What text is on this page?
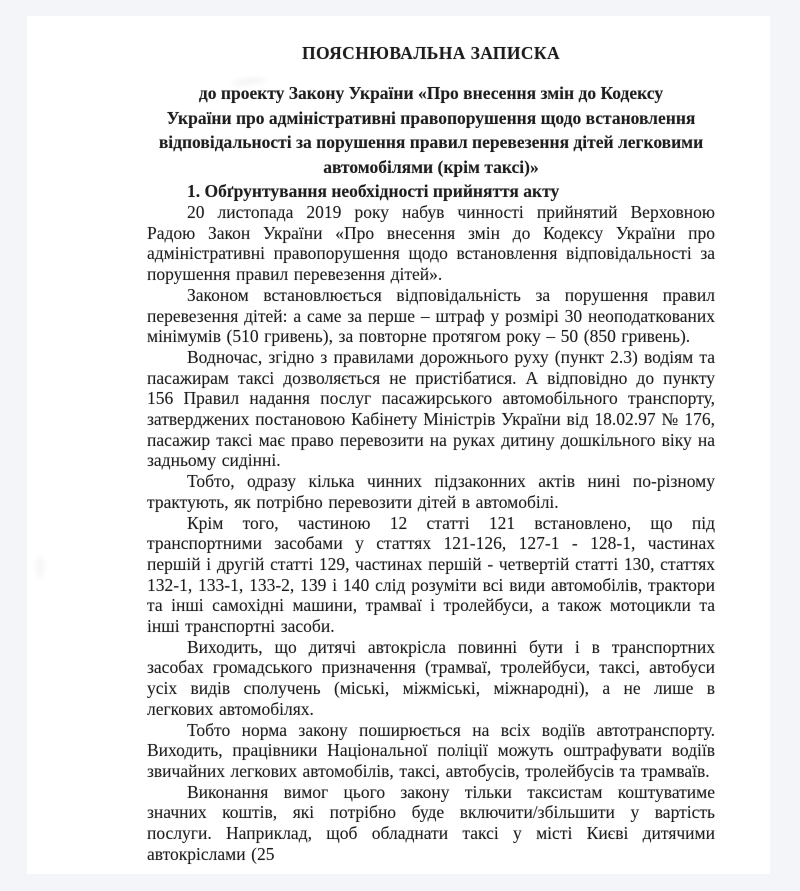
ПОЯСНЮВАЛЬНА ЗАПИСКА
до проекту Закону України «Про внесення змін до Кодексу
України про адміністративні правопорушення щодо встановлення
відповідальності за порушення правил перевезення дітей легковими
автомобілями (крім таксі)»
1. Обґрунтування необхідності прийняття акту

20 листопада 2019 року набув чинності прийнятий Верховною Радою Закон України «Про внесення змін до Кодексу України про адміністративні правопорушення щодо встановлення відповідальності за порушення правил перевезення дітей».

Законом встановлюється відповідальність за порушення правил перевезення дітей: а саме за перше – штраф у розмірі 30 неоподаткованих мінімумів (510 гривень), за повторне протягом року – 50 (850 гривень).

Водночас, згідно з правилами дорожнього руху (пункт 2.3) водіям та пасажирам таксі дозволяється не пристібатися. А відповідно до пункту 156 Правил надання послуг пасажирського автомобільного транспорту, затверджених постановою Кабінету Міністрів України від 18.02.97 № 176, пасажир таксі має право перевозити на руках дитину дошкільного віку на задньому сидінні.

Тобто, одразу кілька чинних підзаконних актів нині по-різному трактують, як потрібно перевозити дітей в автомобілі.

Крім того, частиною 12 статті 121 встановлено, що під транспортними засобами у статтях 121-126, 127-1 - 128-1, частинах першій і другій статті 129, частинах першій - четвертій статті 130, статтях 132-1, 133-1, 133-2, 139 і 140 слід розуміти всі види автомобілів, трактори та інші самохідні машини, трамваї і тролейбуси, а також мотоцикли та інші транспортні засоби.

Виходить, що дитячі автокрісла повинні бути і в транспортних засобах громадського призначення (трамваї, тролейбуси, таксі, автобуси усіх видів сполучень (міські, міжміські, міжнародні), а не лише в легкових автомобілях.

Тобто норма закону поширюється на всіх водіїв автотранспорту. Виходить, працівники Національної поліції можуть оштрафувати водіїв звичайних легкових автомобілів, таксі, автобусів, тролейбусів та трамваїв.

Виконання вимог цього закону тільки таксистам коштуватиме значних коштів, які потрібно буде включити/збільшити у вартість послуги. Наприклад, щоб обладнати таксі у місті Києві дитячими автокріслами (25
